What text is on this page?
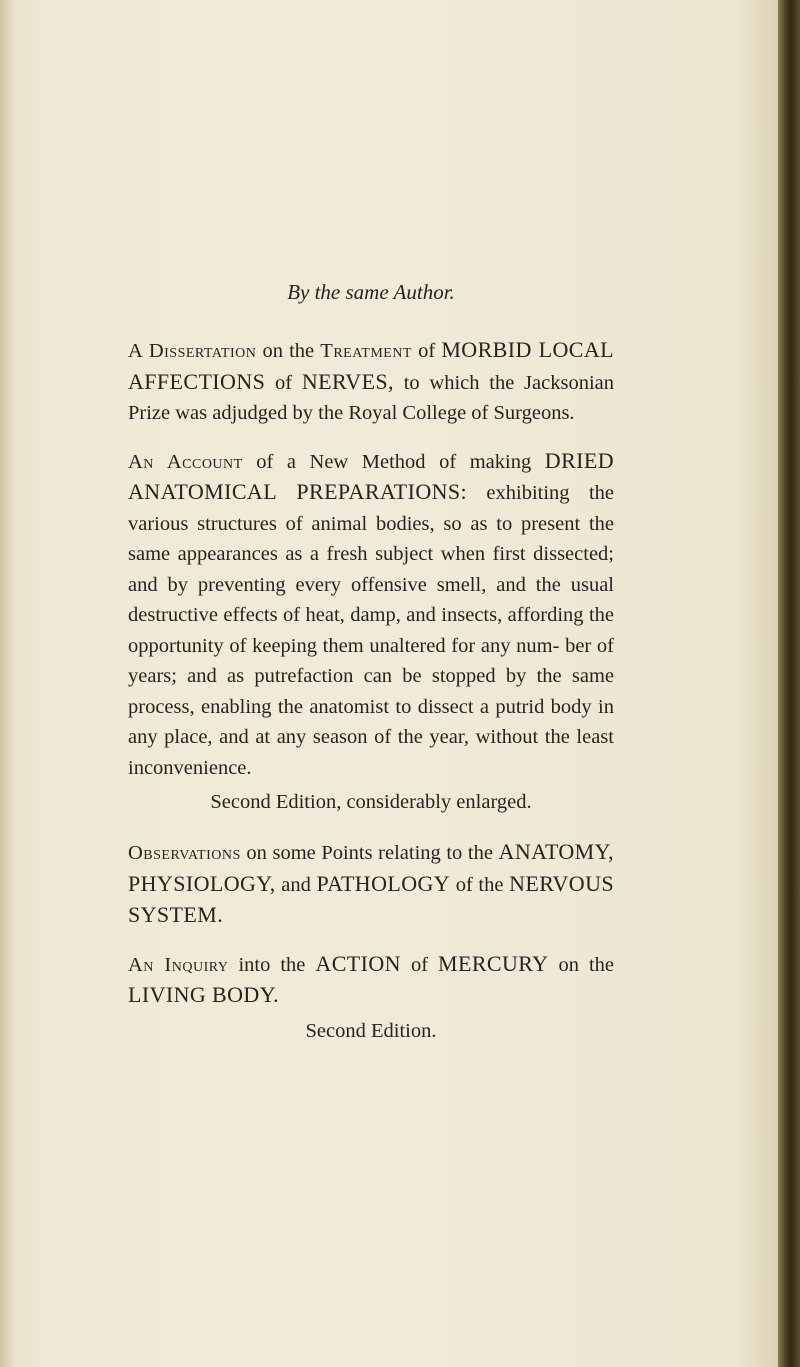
By the same Author.

A Dissertation on the Treatment of MORBID LOCAL AFFECTIONS of NERVES, to which the Jacksonian Prize was adjudged by the Royal College of Surgeons.

An Account of a New Method of making DRIED ANATOMICAL PREPARATIONS: exhibiting the various structures of animal bodies, so as to present the same appearances as a fresh subject when first dissected; and by preventing every offensive smell, and the usual destructive effects of heat, damp, and insects, affording the opportunity of keeping them unaltered for any num- ber of years; and as putrefaction can be stopped by the same process, enabling the anatomist to dissect a putrid body in any place, and at any season of the year, without the least inconvenience.

Second Edition, considerably enlarged.

Observations on some Points relating to the ANATOMY, PHYSIOLOGY, and PATHOLOGY of the NERVOUS SYSTEM.

An Inquiry into the ACTION of MERCURY on the LIVING BODY.

Second Edition.
